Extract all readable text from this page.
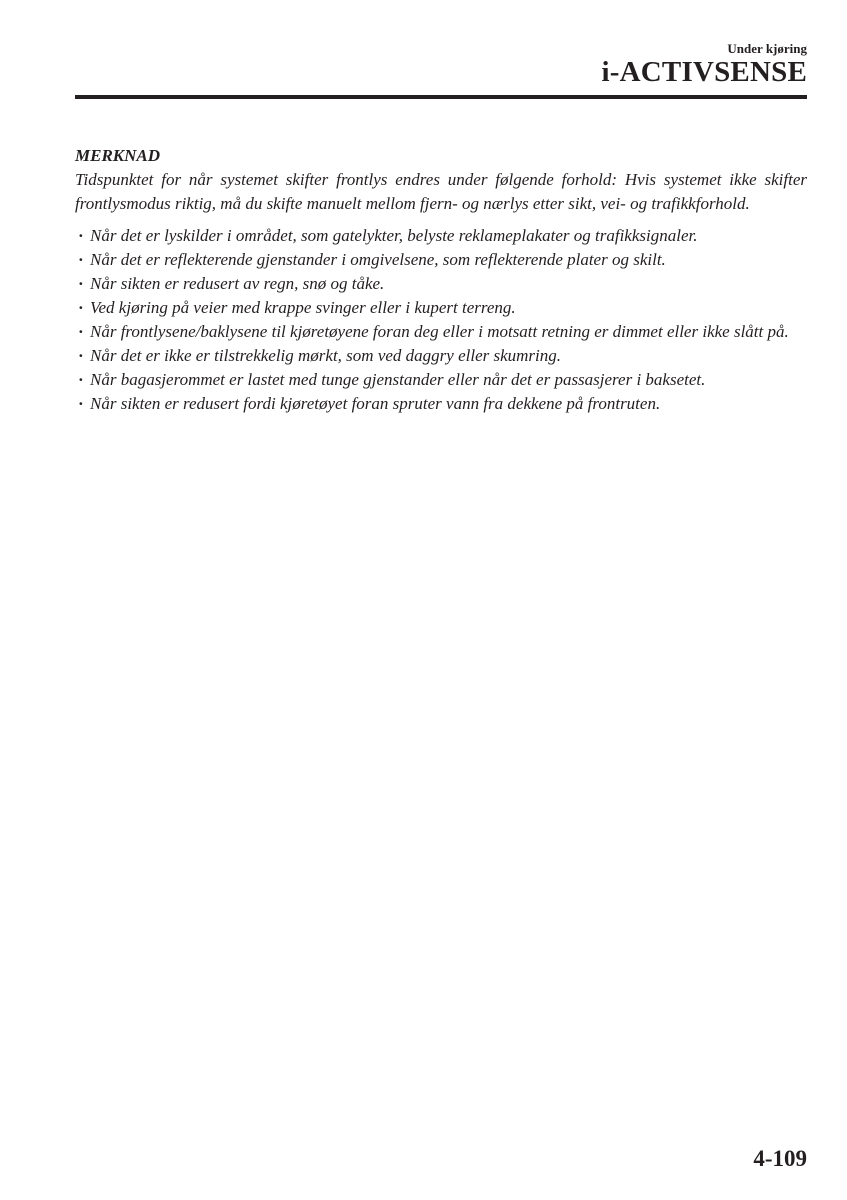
Under kjøring
i-ACTIVSENSE

MERKNAD

Tidspunktet for når systemet skifter frontlys endres under følgende forhold: Hvis systemet ikke skifter frontlysmodus riktig, må du skifte manuelt mellom fjern- og nærlys etter sikt, vei- og trafikkforhold.

· Når det er lyskilder i området, som gatelykter, belyste reklameplakater og trafikksignaler.
· Når det er reflekterende gjenstander i omgivelsene, som reflekterende plater og skilt.
· Når sikten er redusert av regn, snø og tåke.
· Ved kjøring på veier med krappe svinger eller i kupert terreng.
· Når frontlysene/baklysene til kjøretøyene foran deg eller i motsatt retning er dimmet eller ikke slått på.
· Når det er ikke er tilstrekkelig mørkt, som ved daggry eller skumring.
· Når bagasjerommet er lastet med tunge gjenstander eller når det er passasjerer i baksetet.
· Når sikten er redusert fordi kjøretøyet foran spruter vann fra dekkene på frontruten.
4-109
